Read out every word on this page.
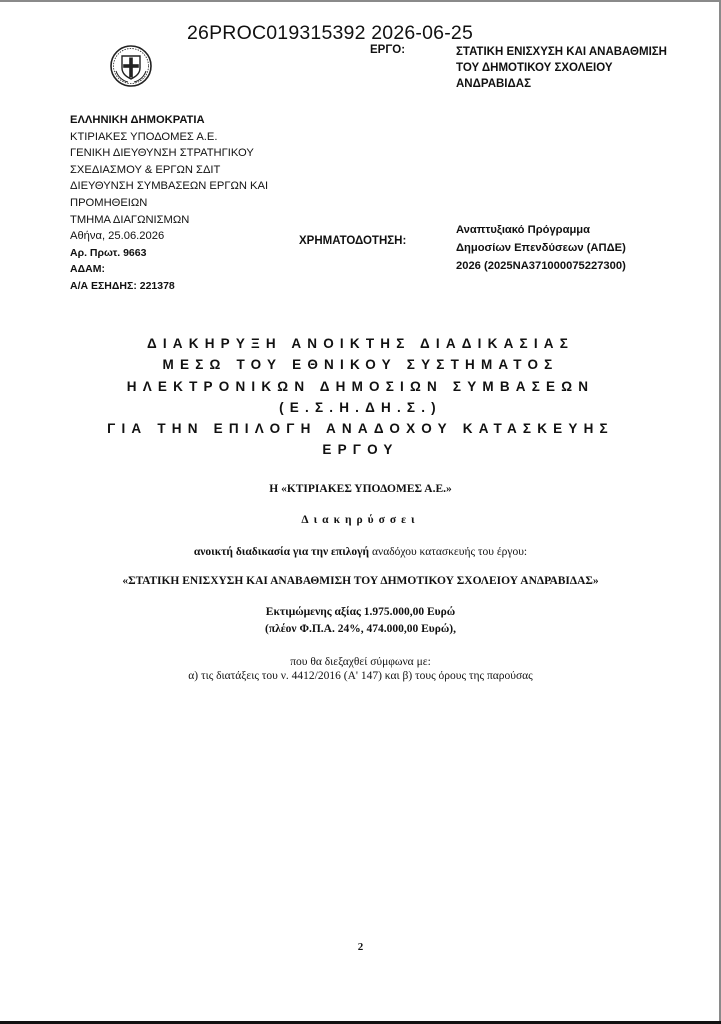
26PROC019315392 2026-06-25
ΕΡΓΟ:	ΣΤΑΤΙΚΗ ΕΝΙΣΧΥΣΗ ΚΑΙ ΑΝΑΒΑΘΜΙΣΗ
ΤΟΥ ΔΗΜΟΤΙΚΟΥ ΣΧΟΛΕΙΟΥ
ΑΝΔΡΑΒΙΔΑΣ
ΕΛΛΗΝΙΚΗ ΔΗΜΟΚΡΑΤΙΑ
ΚΤΙΡΙΑΚΕΣ ΥΠΟΔΟΜΕΣ Α.Ε.
ΓΕΝΙΚΗ ΔΙΕΥΘΥΝΣΗ ΣΤΡΑΤΗΓΙΚΟΥ
ΣΧΕΔΙΑΣΜΟΥ & ΕΡΓΩΝ ΣΔΙΤ
ΔΙΕΥΘΥΝΣΗ ΣΥΜΒΑΣΕΩΝ ΕΡΓΩΝ ΚΑΙ
ΠΡΟΜΗΘΕΙΩΝ
ΤΜΗΜΑ ΔΙΑΓΩΝΙΣΜΩΝ
Αθήνα, 25.06.2026
Αρ. Πρωτ. 9663
ΑΔΑΜ:
Α/Α ΕΣΗΔΗΣ: 221378
ΧΡΗΜΑΤΟΔΟΤΗΣΗ:
Αναπτυξιακό Πρόγραμμα
Δημοσίων Επενδύσεων (ΑΠΔΕ)
2026 (2025ΝΑ371000075227300)
ΔΙΑΚΗΡΥΞΗ ΑΝΟΙΚΤΗΣ ΔΙΑΔΙΚΑΣΙΑΣ
ΜΕΣΩ ΤΟΥ ΕΘΝΙΚΟΥ ΣΥΣΤΗΜΑΤΟΣ
ΗΛΕΚΤΡΟΝΙΚΩΝ ΔΗΜΟΣΙΩΝ ΣΥΜΒΑΣΕΩΝ
(Ε.Σ.Η.ΔΗ.Σ.)
ΓΙΑ ΤΗΝ ΕΠΙΛΟΓΗ ΑΝΑΔΟΧΟΥ ΚΑΤΑΣΚΕΥΗΣ
ΕΡΓΟΥ
Η «ΚΤΙΡΙΑΚΕΣ ΥΠΟΔΟΜΕΣ Α.Ε.»
Διακηρύσσει
ανοικτή διαδικασία για την επιλογή αναδόχου κατασκευής του έργου:
«ΣΤΑΤΙΚΗ ΕΝΙΣΧΥΣΗ ΚΑΙ ΑΝΑΒΑΘΜΙΣΗ ΤΟΥ ΔΗΜΟΤΙΚΟΥ ΣΧΟΛΕΙΟΥ ΑΝΔΡΑΒΙΔΑΣ»
Εκτιμώμενης αξίας 1.975.000,00 Ευρώ
(πλέον Φ.Π.Α. 24%, 474.000,00 Ευρώ),
που θα διεξαχθεί σύμφωνα με:
α) τις διατάξεις του ν. 4412/2016 (Α' 147) και β) τους όρους της παρούσας
2
